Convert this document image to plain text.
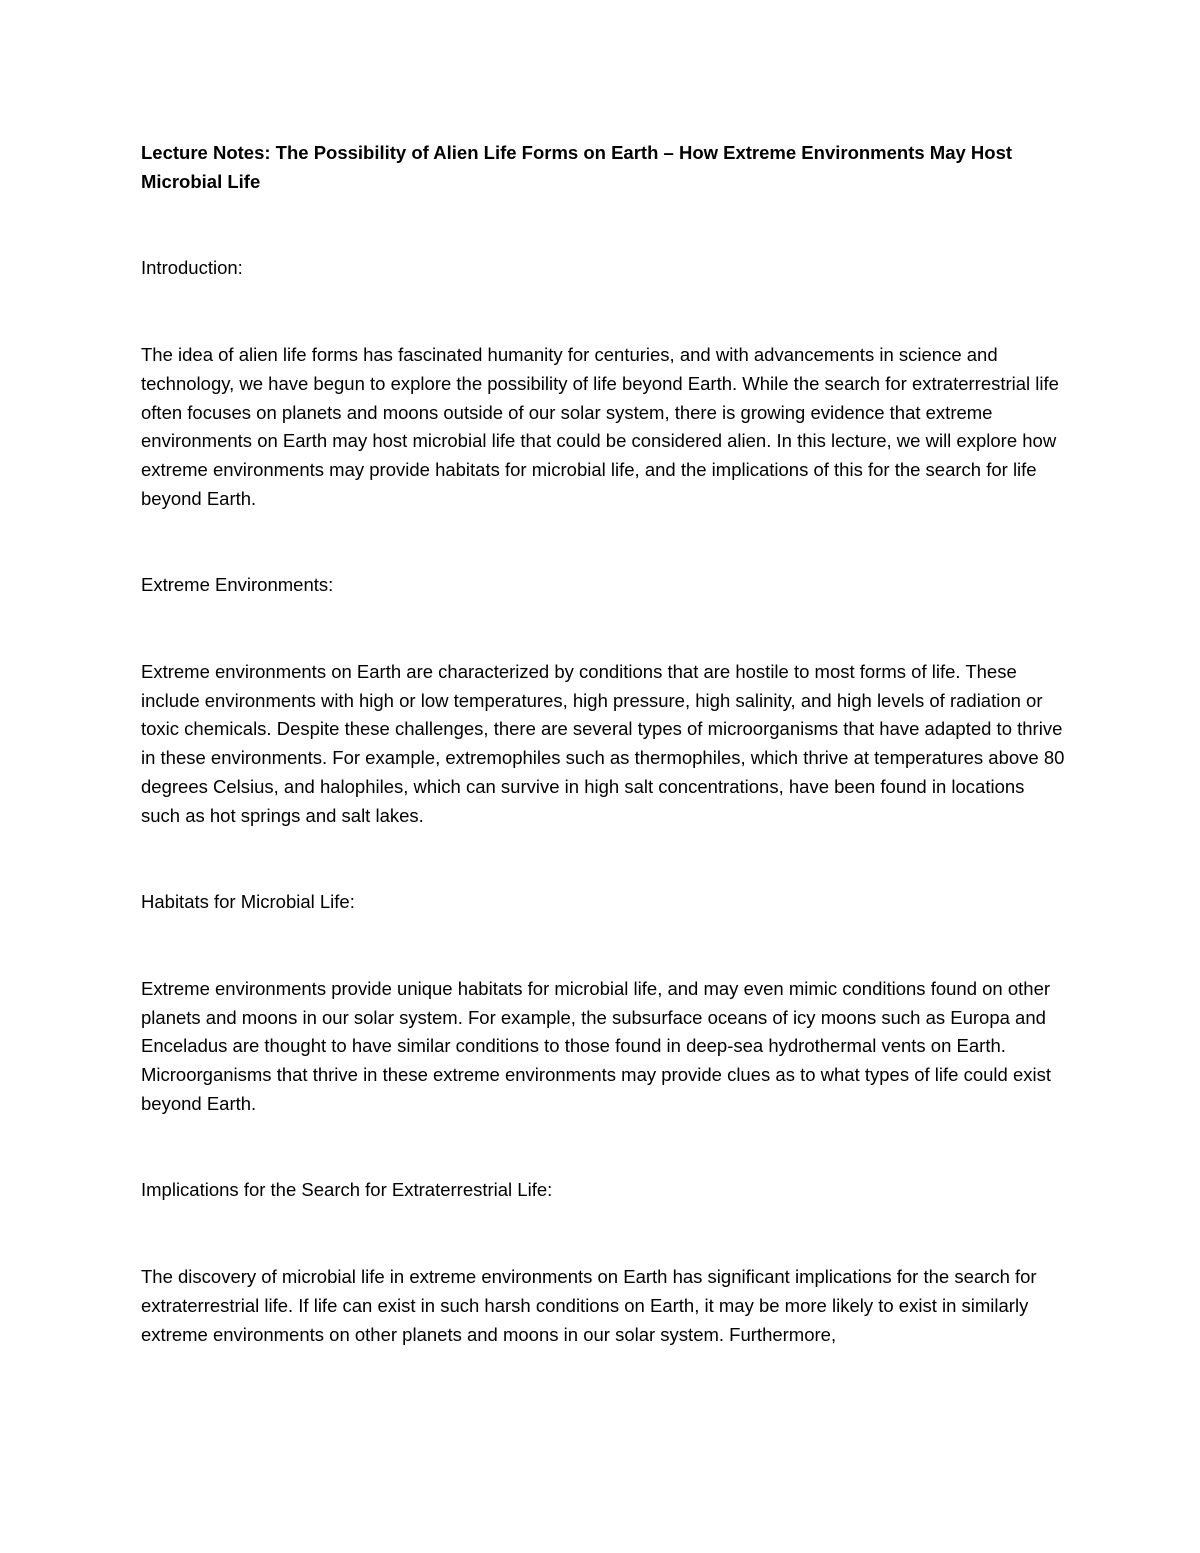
Lecture Notes: The Possibility of Alien Life Forms on Earth – How Extreme Environments May Host Microbial Life

Introduction:

The idea of alien life forms has fascinated humanity for centuries, and with advancements in science and technology, we have begun to explore the possibility of life beyond Earth. While the search for extraterrestrial life often focuses on planets and moons outside of our solar system, there is growing evidence that extreme environments on Earth may host microbial life that could be considered alien. In this lecture, we will explore how extreme environments may provide habitats for microbial life, and the implications of this for the search for life beyond Earth.

Extreme Environments:

Extreme environments on Earth are characterized by conditions that are hostile to most forms of life. These include environments with high or low temperatures, high pressure, high salinity, and high levels of radiation or toxic chemicals. Despite these challenges, there are several types of microorganisms that have adapted to thrive in these environments. For example, extremophiles such as thermophiles, which thrive at temperatures above 80 degrees Celsius, and halophiles, which can survive in high salt concentrations, have been found in locations such as hot springs and salt lakes.

Habitats for Microbial Life:

Extreme environments provide unique habitats for microbial life, and may even mimic conditions found on other planets and moons in our solar system. For example, the subsurface oceans of icy moons such as Europa and Enceladus are thought to have similar conditions to those found in deep-sea hydrothermal vents on Earth. Microorganisms that thrive in these extreme environments may provide clues as to what types of life could exist beyond Earth.

Implications for the Search for Extraterrestrial Life:

The discovery of microbial life in extreme environments on Earth has significant implications for the search for extraterrestrial life. If life can exist in such harsh conditions on Earth, it may be more likely to exist in similarly extreme environments on other planets and moons in our solar system. Furthermore,
